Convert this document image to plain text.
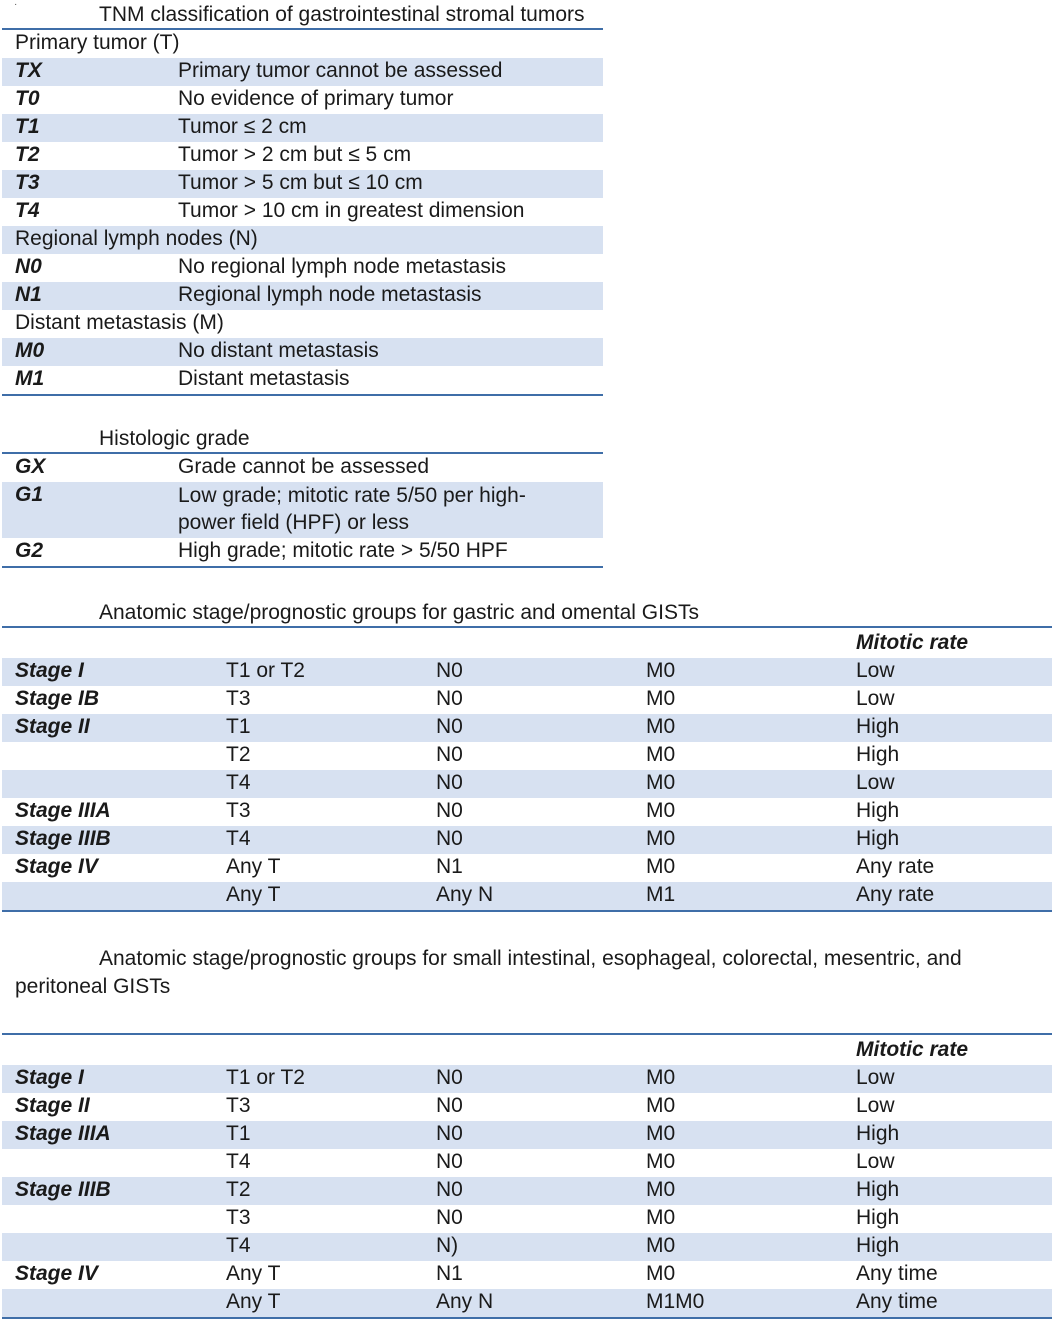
·	TNM classification of gastrointestinal stromal tumors
Primary tumor (T)	
TX	Primary tumor cannot be assessed
T0	No evidence of primary tumor
T1	Tumor ≤ 2 cm
T2	Tumor > 2 cm but ≤ 5 cm
T3	Tumor > 5 cm but ≤ 10 cm
T4	Tumor > 10 cm in greatest dimension
Regional lymph nodes (N)	
N0	No regional lymph node metastasis
N1	Regional lymph node metastasis
Distant metastasis (M)	
M0	No distant metastasis
M1	Distant metastasis
Histologic grade
GX	Grade cannot be assessed
G1	Low grade; mitotic rate 5/50 per high-power field (HPF) or less
G2	High grade; mitotic rate > 5/50 HPF
Anatomic stage/prognostic groups for gastric and omental GISTs
				Mitotic rate
Stage I	T1 or T2	N0	M0	Low
Stage IB	T3	N0	M0	Low
Stage II	T1	N0	M0	High
	T2	N0	M0	High
	T4	N0	M0	Low
Stage IIIA	T3	N0	M0	High
Stage IIIB	T4	N0	M0	High
Stage IV	Any T	N1	M0	Any rate
	Any T	Any N	M1	Any rate
Anatomic stage/prognostic groups for small intestinal, esophageal, colorectal, mesentric, and
peritoneal GISTs
				Mitotic rate
Stage I	T1 or T2	N0	M0	Low
Stage II	T3	N0	M0	Low
Stage IIIA	T1	N0	M0	High
	T4	N0	M0	Low
Stage IIIB	T2	N0	M0	High
	T3	N0	M0	High
	T4	N)	M0	High
Stage IV	Any T	N1	M0	Any time
	Any T	Any N	M1M0	Any time
